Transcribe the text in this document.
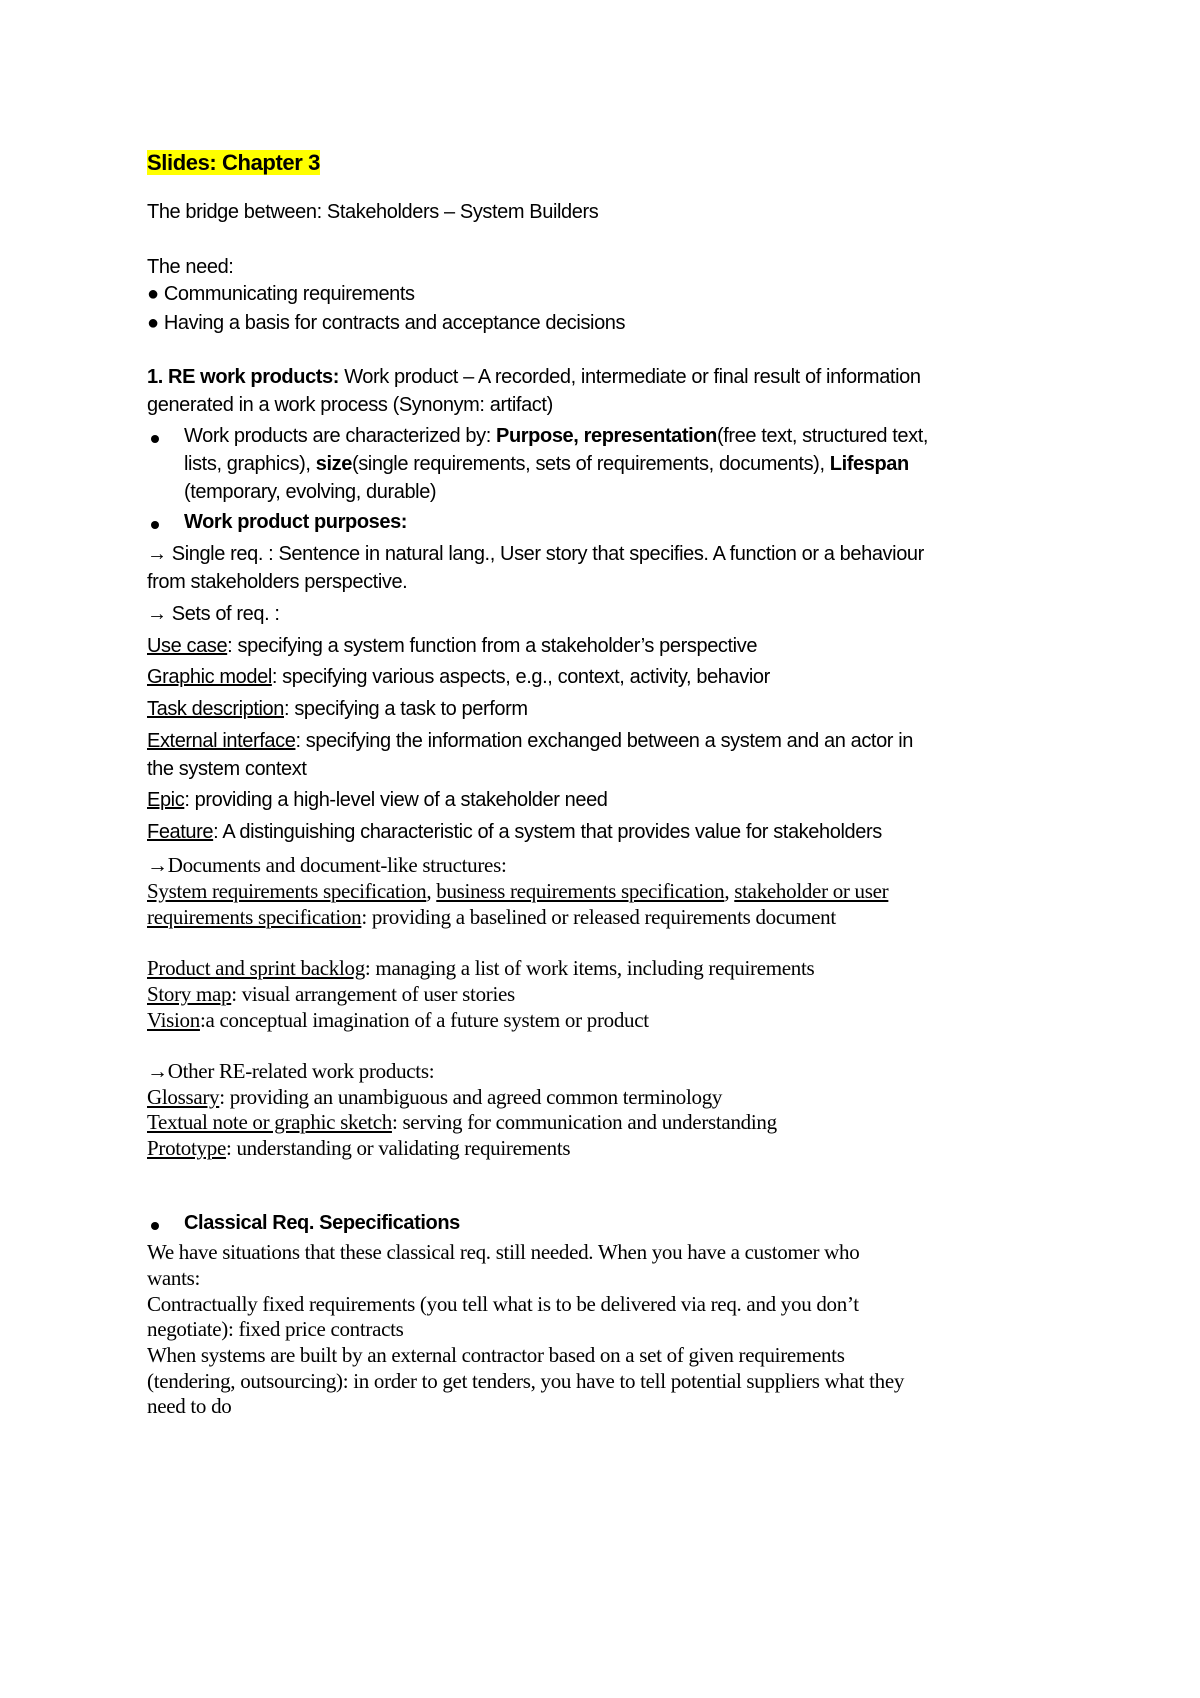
Slides: Chapter 3
The bridge between: Stakeholders – System Builders
The need:
● Communicating requirements
● Having a basis for contracts and acceptance decisions
1. RE work products: Work product – A recorded, intermediate or final result of information
generated in a work process (Synonym: artifact)
Work products are characterized by: Purpose, representation(free text, structured text,
lists, graphics), size(single requirements, sets of requirements, documents), Lifespan
(temporary, evolving, durable)
Work product purposes:
→ Single req. : Sentence in natural lang., User story that specifies. A function or a behaviour
from stakeholders perspective.
→ Sets of req. :
Use case: specifying a system function from a stakeholder’s perspective
Graphic model: specifying various aspects, e.g., context, activity, behavior
Task description: specifying a task to perform
External interface: specifying the information exchanged between a system and an actor in
the system context
Epic: providing a high-level view of a stakeholder need
Feature: A distinguishing characteristic of a system that provides value for stakeholders
→Documents and document-like structures:
System requirements specification, business requirements specification, stakeholder or user
requirements specification: providing a baselined or released requirements document
Product and sprint backlog: managing a list of work items, including requirements
Story map: visual arrangement of user stories
Vision:a conceptual imagination of a future system or product
→Other RE-related work products:
Glossary: providing an unambiguous and agreed common terminology
Textual note or graphic sketch: serving for communication and understanding
Prototype: understanding or validating requirements
Classical Req. Sepecifications
We have situations that these classical req. still needed. When you have a customer who
wants:
Contractually fixed requirements (you tell what is to be delivered via req. and you don’t
negotiate): fixed price contracts
When systems are built by an external contractor based on a set of given requirements
(tendering, outsourcing): in order to get tenders, you have to tell potential suppliers what they
need to do
